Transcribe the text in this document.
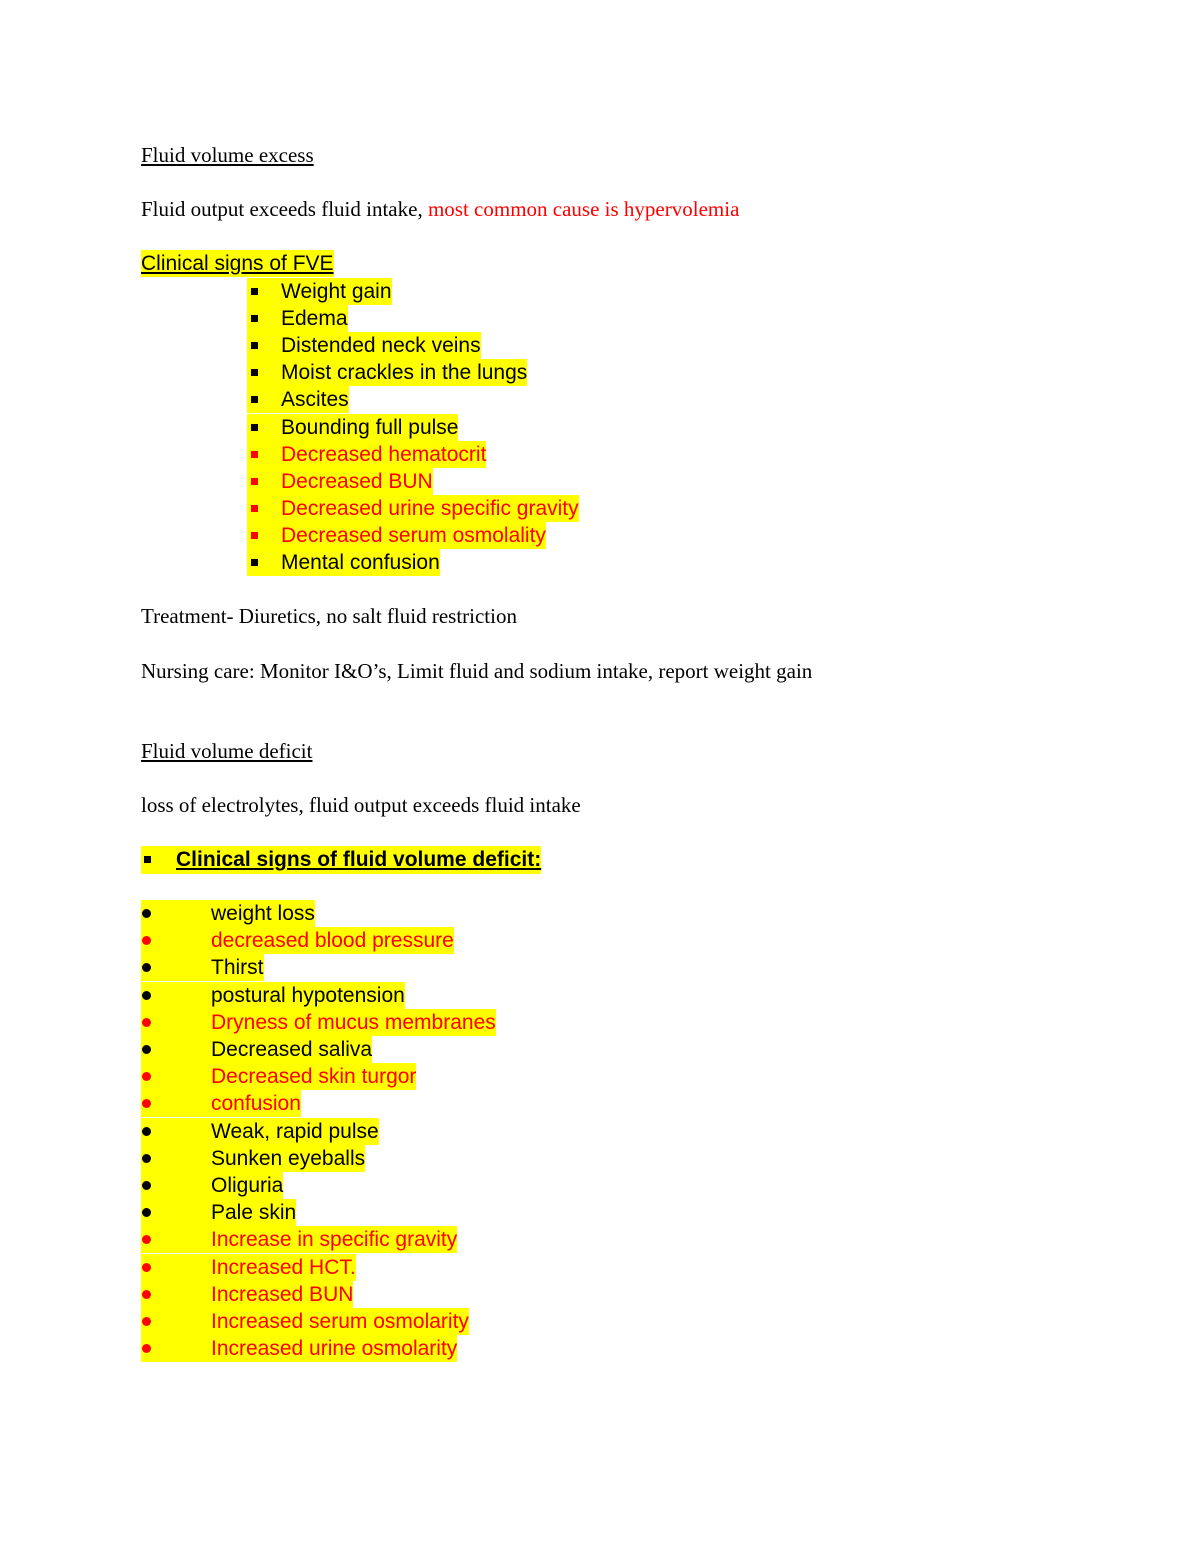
Fluid volume excess
Fluid output exceeds fluid intake, most common cause is hypervolemia
Clinical signs of FVE
Weight gain
Edema
Distended neck veins
Moist crackles in the lungs
Ascites
Bounding full pulse
Decreased hematocrit
Decreased BUN
Decreased urine specific gravity
Decreased serum osmolality
Mental confusion
Treatment- Diuretics, no salt fluid restriction
Nursing care: Monitor I&O’s, Limit fluid and sodium intake, report weight gain
Fluid volume deficit
loss of electrolytes, fluid output exceeds fluid intake
Clinical signs of fluid volume deficit:
weight loss
decreased blood pressure
Thirst
postural hypotension
Dryness of mucus membranes
Decreased saliva
Decreased skin turgor
confusion
Weak, rapid pulse
Sunken eyeballs
Oliguria
Pale skin
Increase in specific gravity
Increased HCT.
Increased BUN
Increased serum osmolarity
Increased urine osmolarity
